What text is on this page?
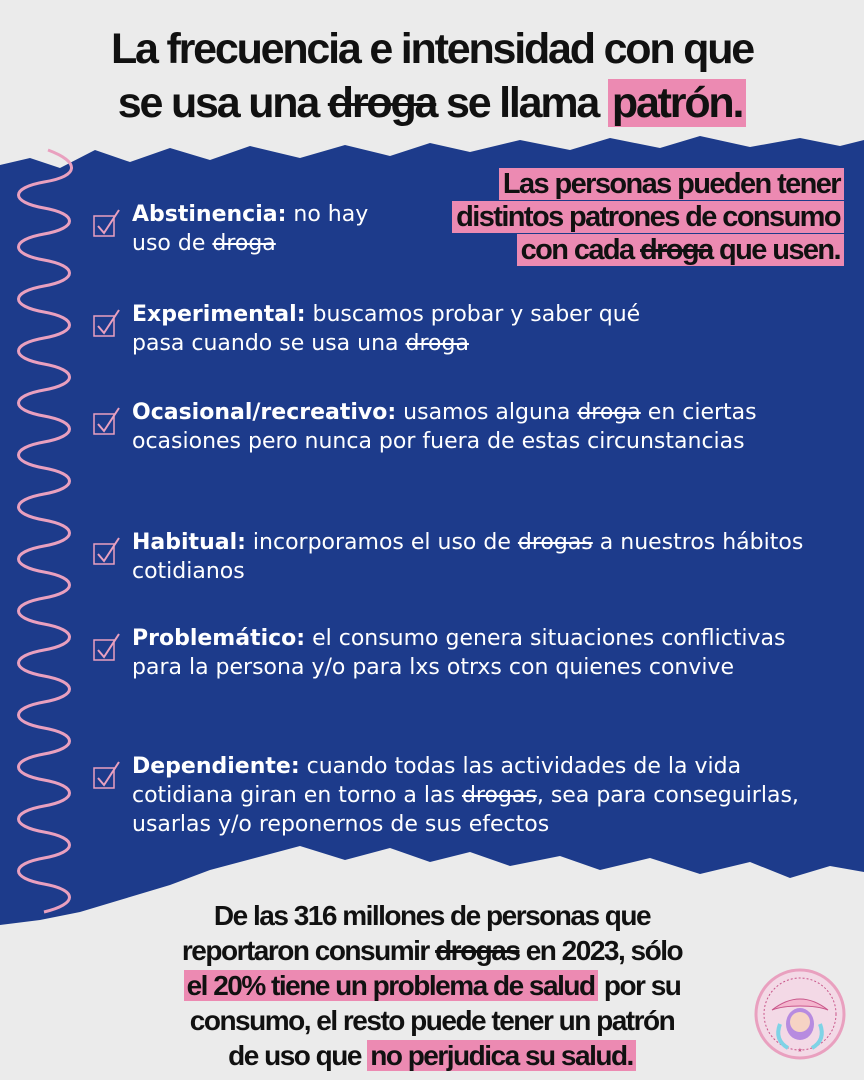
La frecuencia e intensidad con que
se usa una droga se llama patrón.
Las personas pueden tener
distintos patrones de consumo
con cada droga que usen.
Abstinencia: no hay uso de droga
Experimental: buscamos probar y saber qué pasa cuando se usa una droga
Ocasional/recreativo: usamos alguna droga en ciertas ocasiones pero nunca por fuera de estas circunstancias
Habitual: incorporamos el uso de drogas a nuestros hábitos cotidianos
Problemático: el consumo genera situaciones conflictivas para la persona y/o para lxs otrxs con quienes convive
Dependiente: cuando todas las actividades de la vida cotidiana giran en torno a las drogas, sea para conseguirlas, usarlas y/o reponernos de sus efectos
De las 316 millones de personas que
reportaron consumir drogas en 2023, sólo
el 20% tiene un problema de salud por su
consumo, el resto puede tener un patrón
de uso que no perjudica su salud.	★
